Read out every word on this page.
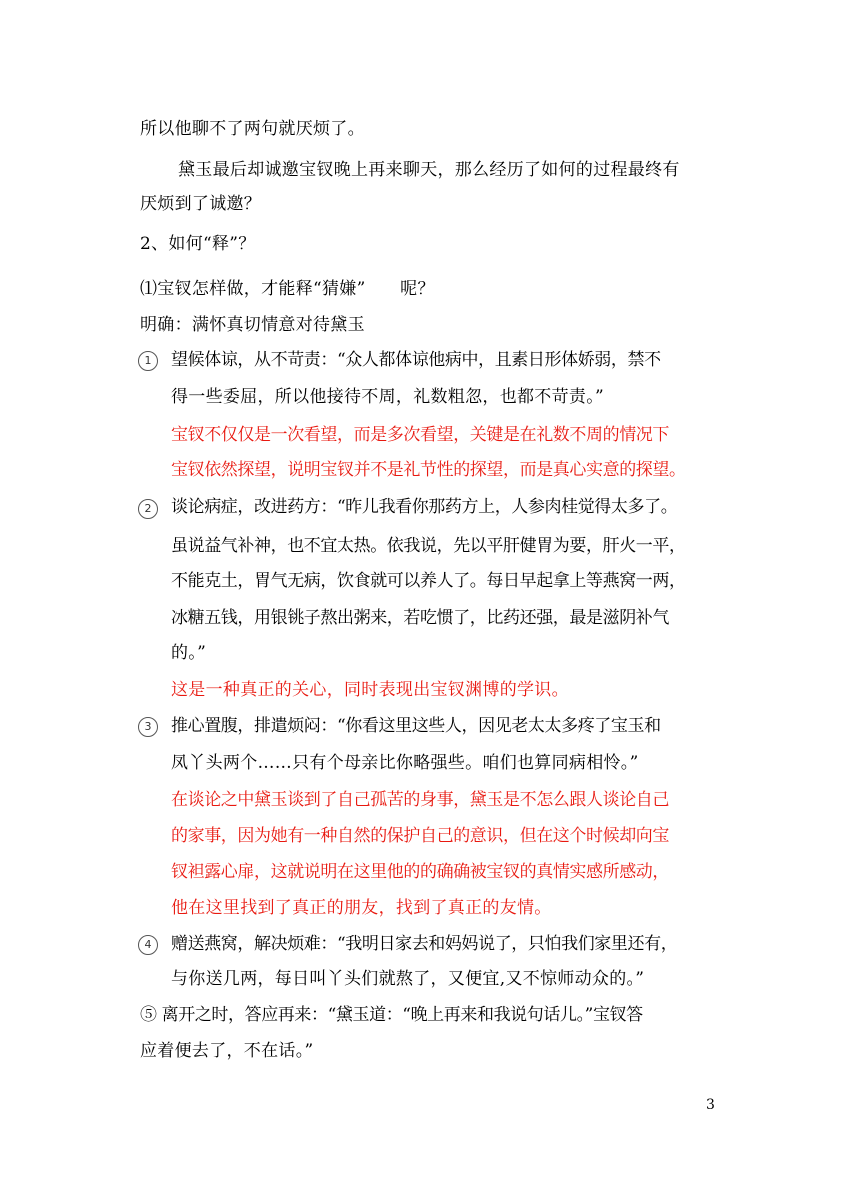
所以他聊不了两句就厌烦了。
黛玉最后却诚邀宝钗晚上再来聊天，那么经历了如何的过程最终有
厌烦到了诚邀？
2、如何“释”？
⑴宝钗怎样做，才能释“猜嫌”　　呢？
明确：满怀真切情意对待黛玉
1	望候体谅，从不苛责：“众人都体谅他病中，且素日形体娇弱，禁不
得一些委屈，所以他接待不周，礼数粗忽，也都不苛责。”
宝钗不仅仅是一次看望，而是多次看望，关键是在礼数不周的情况下
宝钗依然探望，说明宝钗并不是礼节性的探望，而是真心实意的探望。
2	谈论病症，改进药方：“昨儿我看你那药方上，人参肉桂觉得太多了。
虽说益气补神，也不宜太热。依我说，先以平肝健胃为要，肝火一平，
不能克土，胃气无病，饮食就可以养人了。每日早起拿上等燕窝一两，
冰糖五钱，用银铫子熬出粥来，若吃惯了，比药还强，最是滋阴补气
的。”
这是一种真正的关心，同时表现出宝钗渊博的学识。
3	推心置腹，排遣烦闷：“你看这里这些人，因见老太太多疼了宝玉和
凤丫头两个……只有个母亲比你略强些。咱们也算同病相怜。”
在谈论之中黛玉谈到了自己孤苦的身事，黛玉是不怎么跟人谈论自己
的家事，因为她有一种自然的保护自己的意识，但在这个时候却向宝
钗袒露心扉，这就说明在这里他的的确确被宝钗的真情实感所感动，
他在这里找到了真正的朋友，找到了真正的友情。
4	赠送燕窝，解决烦难：“我明日家去和妈妈说了，只怕我们家里还有，
与你送几两，每日叫丫头们就熬了，又便宜,又不惊师动众的。”
⑤ 离开之时，答应再来：“黛玉道：“晚上再来和我说句话儿。”宝钗答
应着便去了，不在话。”
3
